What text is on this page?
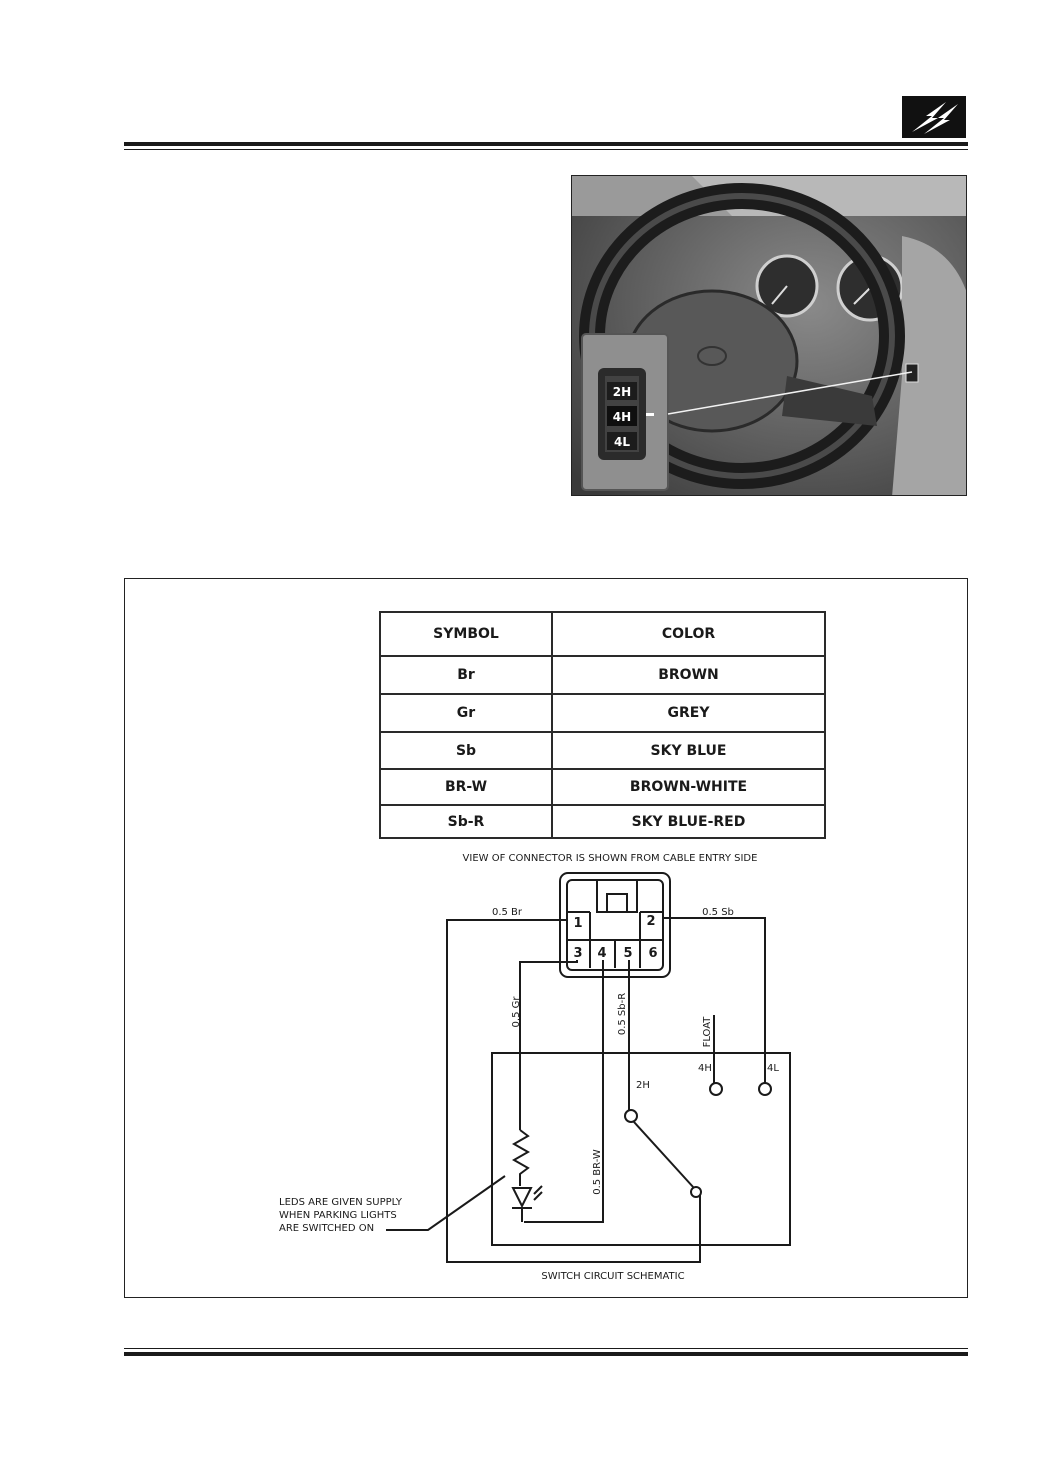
2H
4H
4L
SYMBOL	COLOR
Br	BROWN
Gr	GREY
Sb	SKY BLUE
BR-W	BROWN-WHITE
Sb-R	SKY BLUE-RED
1	2
3 4 5 6
VIEW OF CONNECTOR IS SHOWN FROM CABLE ENTRY SIDE
0.5 Br	0.5 Sb
0.5 Gr	0.5 Sb-R
0.5 BR-W
FLOAT
4H	4L
2H
SWITCH CIRCUIT SCHEMATIC
LEDS ARE GIVEN SUPPLY
WHEN PARKING LIGHTS
ARE SWITCHED ON
